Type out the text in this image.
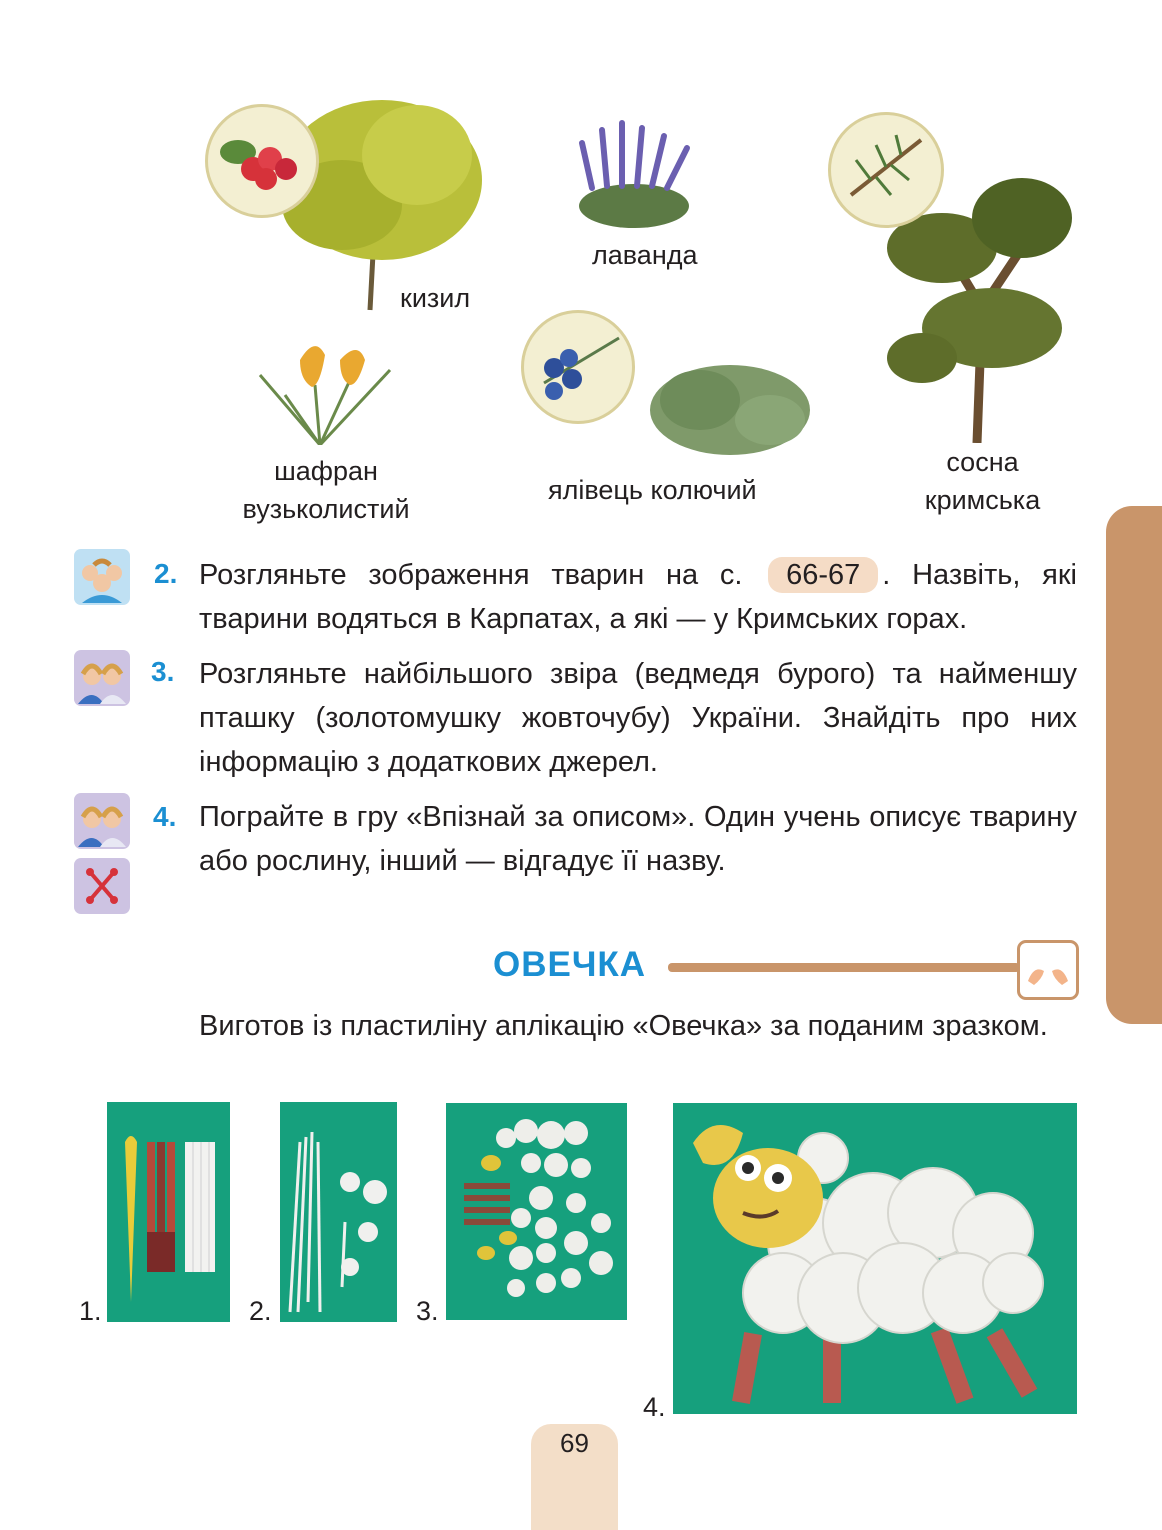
кизил
лаванда
сосна
кримська
шафран
вузьколистий
ялівець колючий
2. Розгляньте зображення тварин на с. 66-67 . Назвіть, які тварини водяться в Карпатах, а які — у Кримських горах.
3. Розгляньте найбільшого звіра (ведмедя бурого) та найменшу пташку (золотомушку жовточубу) України. Знайдіть про них інформацію з додаткових джерел.
4. Пограйте в гру «Впізнай за описом». Один учень описує тварину або рослину, інший — відгадує її назву.
ОВЕЧКА
Виготов із пластиліну аплікацію «Овечка» за поданим зразком.
1.	2.	3.
4.
69
